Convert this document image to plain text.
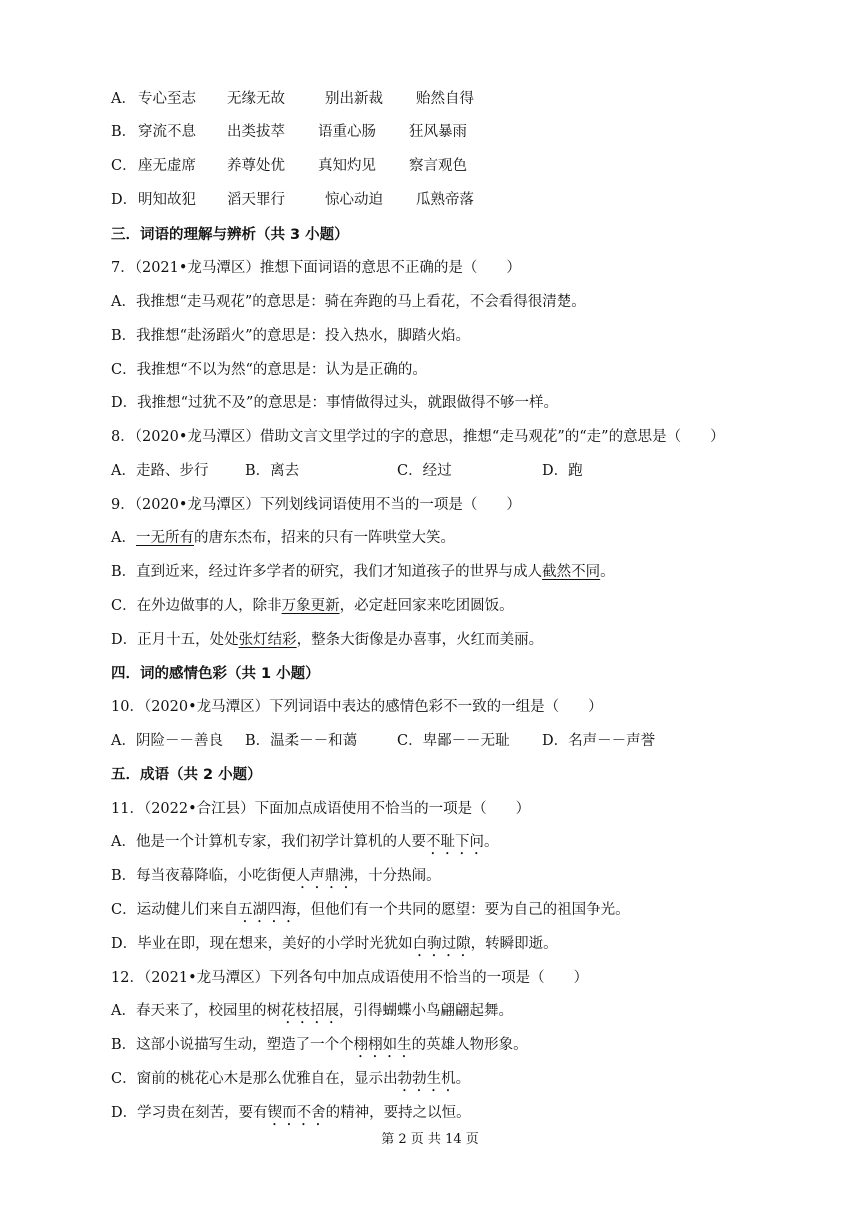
A． 专心至志 无缘无故	别出新裁 贻然自得
B． 穿流不息 出类拔萃 语重心肠 狂风暴雨
C． 座无虚席 养尊处优 真知灼见 察言观色
D． 明知故犯 滔天罪行	惊心动迫 瓜熟帝落
三．词语的理解与辨析（共 3 小题）
7．（2021•龙马潭区）推想下面词语的意思不正确的是（　　）
A．我推想“走马观花”的意思是：骑在奔跑的马上看花，不会看得很清楚。
B．我推想“赴汤蹈火”的意思是：投入热水，脚踏火焰。
C．我推想“不以为然“的意思是：认为是正确的。
D．我推想“过犹不及”的意思是：事情做得过头，就跟做得不够一样。
8．（2020•龙马潭区）借助文言文里学过的字的意思，推想“走马观花”的“走”的意思是（　　）
A．走路、步行	B．离去	C．经过	D．跑
9．（2020•龙马潭区）下列划线词语使用不当的一项是（　　）
A．一无所有的唐东杰布，招来的只有一阵哄堂大笑。
B．直到近来，经过许多学者的研究，我们才知道孩子的世界与成人截然不同。
C．在外边做事的人，除非万象更新，必定赶回家来吃团圆饭。
D．正月十五，处处张灯结彩，整条大街像是办喜事，火红而美丽。
四．词的感情色彩（共 1 小题）
10．（2020•龙马潭区）下列词语中表达的感情色彩不一致的一组是（　　）
A．阴险－－善良 B．温柔－－和蔼	C．卑鄙－－无耻 D．名声－－声誉
五．成语（共 2 小题）
11．（2022•合江县）下面加点成语使用不恰当的一项是（　　）
A．他是一个计算机专家，我们初学计算机的人要不耻下问。
B．每当夜幕降临，小吃街便人声鼎沸，十分热闹。
C．运动健儿们来自五湖四海，但他们有一个共同的愿望：要为自己的祖国争光。
D．毕业在即，现在想来，美好的小学时光犹如白驹过隙，转瞬即逝。
12．（2021•龙马潭区）下列各句中加点成语使用不恰当的一项是（　　）
A．春天来了，校园里的树花枝招展，引得蝴蝶小鸟翩翩起舞。
B．这部小说描写生动，塑造了一个个栩栩如生的英雄人物形象。
C．窗前的桃花心木是那么优雅自在，显示出勃勃生机。
D．学习贵在刻苦，要有锲而不舍的精神，要持之以恒。
第 2 页 共 14 页
